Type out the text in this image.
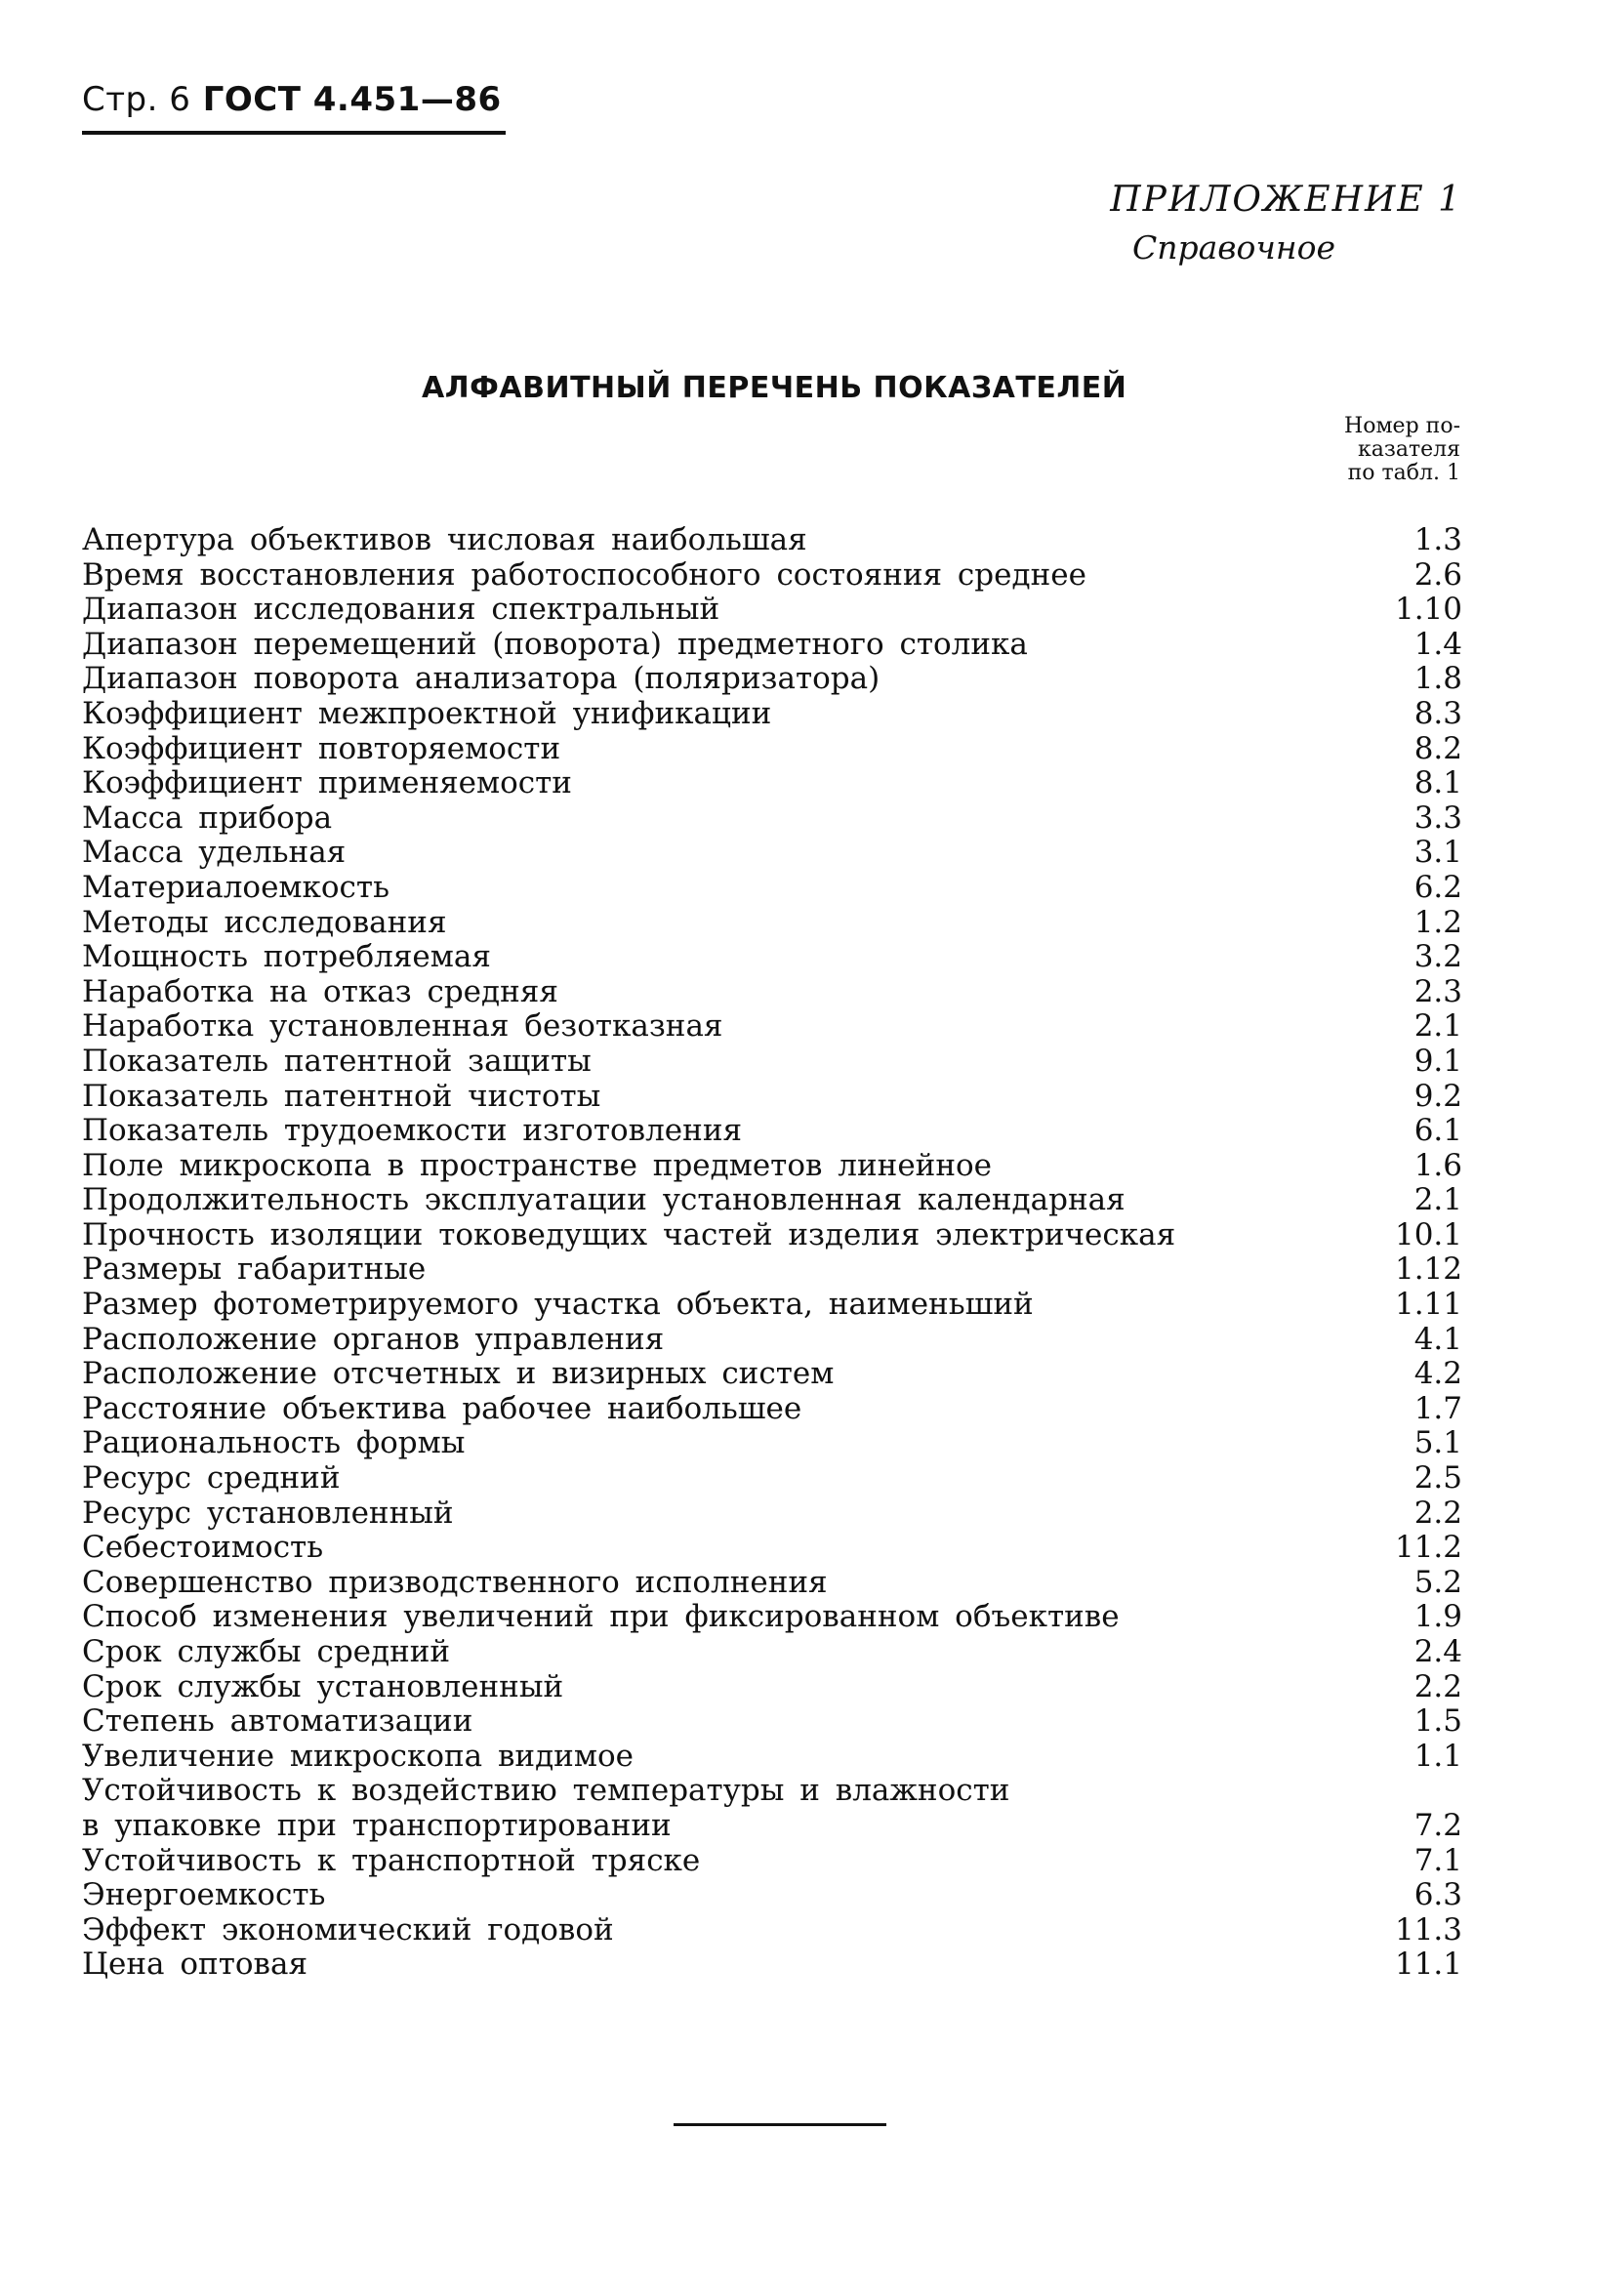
Стр. 6 ГОСТ 4.451—86
ПРИЛОЖЕНИЕ 1
Справочное
АЛФАВИТНЫЙ ПЕРЕЧЕНЬ ПОКАЗАТЕЛЕЙ
Номер по-
казателя
по табл. 1
Апертура объективов числовая наибольшая	1.3
Время восстановления работоспособного состояния среднее	2.6
Диапазон исследования спектральный	1.10
Диапазон перемещений (поворота) предметного столика	1.4
Диапазон поворота анализатора (поляризатора)	1.8
Коэффициент межпроектной унификации	8.3
Коэффициент повторяемости	8.2
Коэффициент применяемости	8.1
Масса прибора	3.3
Масса удельная	3.1
Материалоемкость	6.2
Методы исследования	1.2
Мощность потребляемая	3.2
Наработка на отказ средняя	2.3
Наработка установленная безотказная	2.1
Показатель патентной защиты	9.1
Показатель патентной чистоты	9.2
Показатель трудоемкости изготовления	6.1
Поле микроскопа в пространстве предметов линейное	1.6
Продолжительность эксплуатации установленная календарная	2.1
Прочность изоляции токоведущих частей изделия электрическая	10.1
Размеры габаритные	1.12
Размер фотометрируемого участка объекта, наименьший	1.11
Расположение органов управления	4.1
Расположение отсчетных и визирных систем	4.2
Расстояние объектива рабочее наибольшее	1.7
Рациональность формы	5.1
Ресурс средний	2.5
Ресурс установленный	2.2
Себестоимость	11.2
Совершенство призводственного исполнения	5.2
Способ изменения увеличений при фиксированном объективе	1.9
Срок службы средний	2.4
Срок службы установленный	2.2
Степень автоматизации	1.5
Увеличение микроскопа видимое	1.1
Устойчивость к воздействию температуры и влажности
в упаковке при транспортировании	7.2
Устойчивость к транспортной тряске	7.1
Энергоемкость	6.3
Эффект экономический годовой	11.3
Цена оптовая	11.1
